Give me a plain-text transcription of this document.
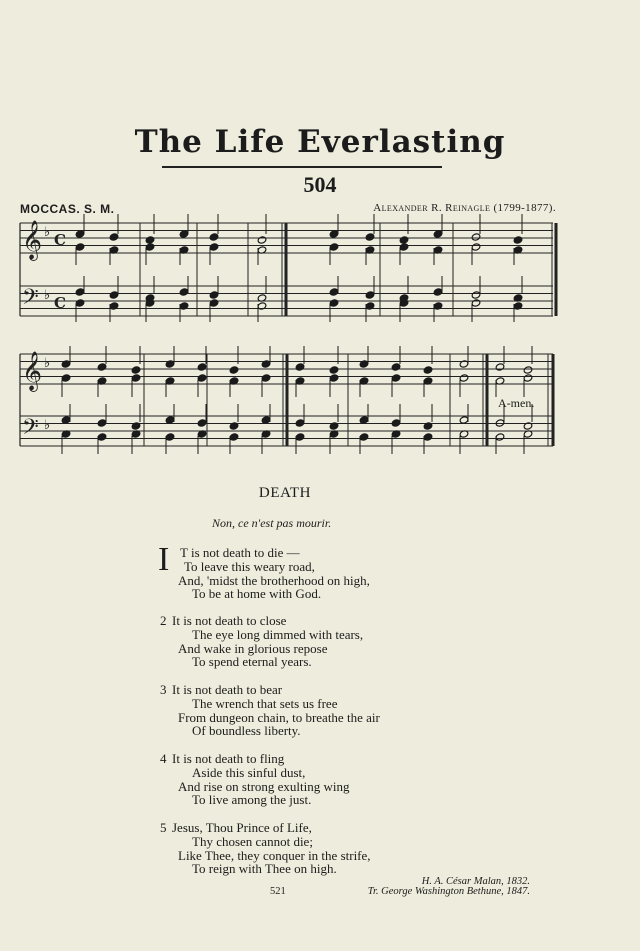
The Life Everlasting
504
MOCCAS. S. M.	Alexander R. Reinagle (1799-1877).
𝄞
𝄞
𝄢
𝄢
♭
♭
♭
♭
C
C
A-men.
DEATH
Non, ce n'est pas mourir.
I T is not death to die —
To leave this weary road,
And, 'midst the brotherhood on high,
To be at home with God.
2 It is not death to close
The eye long dimmed with tears,
And wake in glorious repose
To spend eternal years.
3 It is not death to bear
The wrench that sets us free
From dungeon chain, to breathe the air
Of boundless liberty.
4 It is not death to fling
Aside this sinful dust,
And rise on strong exulting wing
To live among the just.
5 Jesus, Thou Prince of Life,
Thy chosen cannot die;
Like Thee, they conquer in the strife,
To reign with Thee on high.
H. A. César Malan, 1832.
Tr. George Washington Bethune, 1847.
521
